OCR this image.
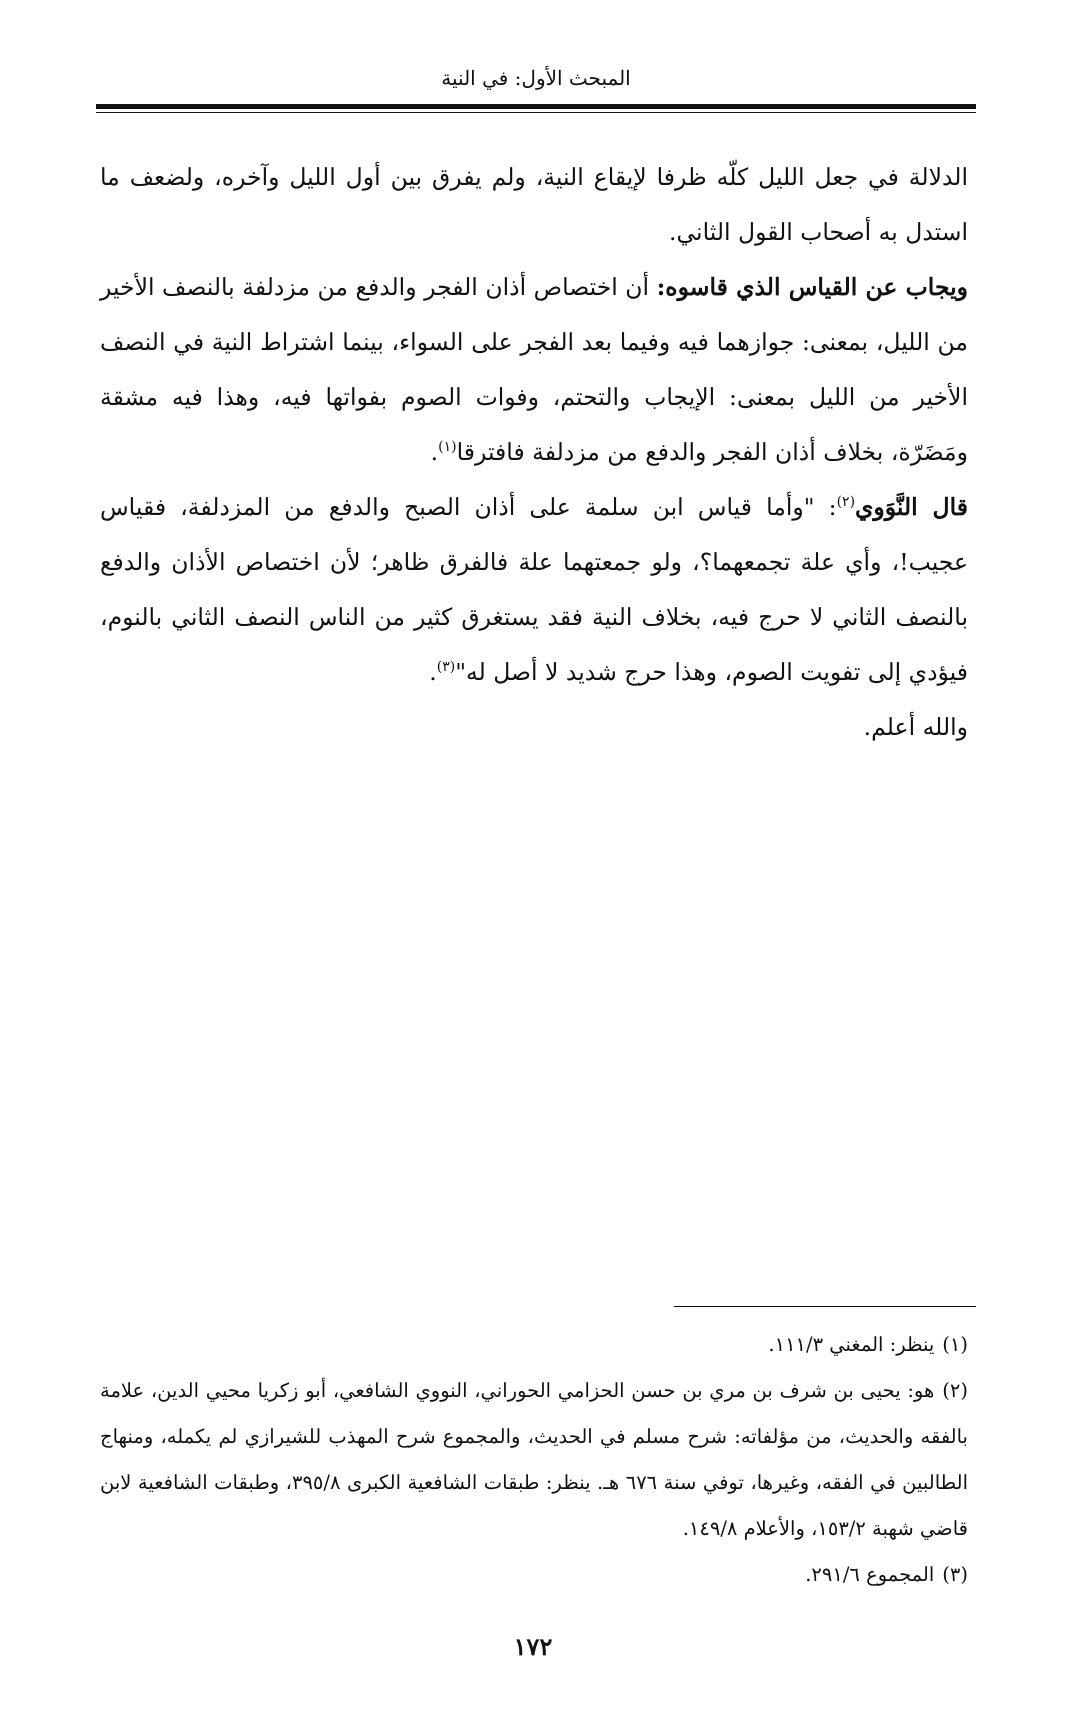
المبحث الأول: في النية

الدلالة في جعل الليل كلّه ظرفا لإيقاع النية، ولم يفرق بين أول الليل وآخره، ولضعف ما استدل به أصحاب القول الثاني.

ويجاب عن القياس الذي قاسوه: أن اختصاص أذان الفجر والدفع من مزدلفة بالنصف الأخير من الليل، بمعنى: جوازهما فيه وفيما بعد الفجر على السواء، بينما اشتراط النية في النصف الأخير من الليل بمعنى: الإيجاب والتحتم، وفوات الصوم بفواتها فيه، وهذا فيه مشقة ومَضَرّة، بخلاف أذان الفجر والدفع من مزدلفة فافترقا$^{(١)}$.

قال النَّوَوي$^{(٢)}$: "وأما قياس ابن سلمة على أذان الصبح والدفع من المزدلفة، فقياس عجيب!، وأي علة تجمعهما؟، ولو جمعتهما علة فالفرق ظاهر؛ لأن اختصاص الأذان والدفع بالنصف الثاني لا حرج فيه، بخلاف النية فقد يستغرق كثير من الناس النصف الثاني بالنوم، فيؤدي إلى تفويت الصوم، وهذا حرج شديد لا أصل له"$^{(٣)}$.

والله أعلم.

(١)ينظر: المغني ١١١/٣.

(٢)هو: يحيى بن شرف بن مري بن حسن الحزامي الحوراني، النووي الشافعي، أبو زكريا محيي الدين، علامة بالفقه والحديث، من مؤلفاته: شرح مسلم في الحديث، والمجموع شرح المهذب للشيرازي لم يكمله، ومنهاج الطالبين في الفقه، وغيرها، توفي سنة ٦٧٦ هـ. ينظر: طبقات الشافعية الكبرى ٣٩٥/٨، وطبقات الشافعية لابن قاضي شهبة ١٥٣/٢، والأعلام ١٤٩/٨.

(٣)المجموع ٢٩١/٦.

١٧٢
